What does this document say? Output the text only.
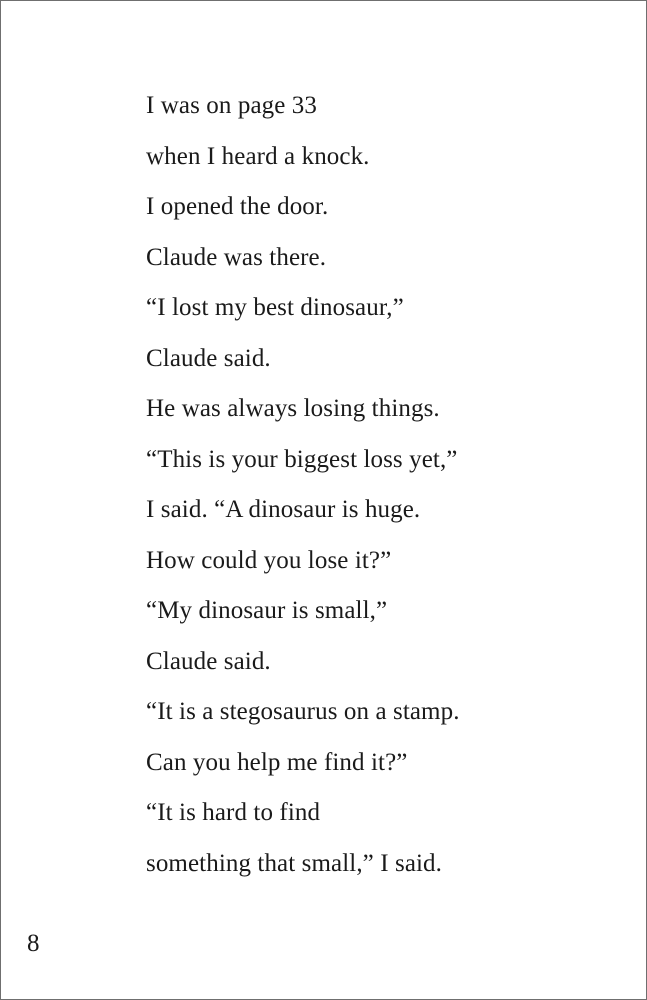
I was on page 33
when I heard a knock.
I opened the door.
Claude was there.
“I lost my best dinosaur,”
Claude said.
He was always losing things.
“This is your biggest loss yet,”
I said. “A dinosaur is huge.
How could you lose it?”
“My dinosaur is small,”
Claude said.
“It is a stegosaurus on a stamp.
Can you help me find it?”
“It is hard to find
something that small,” I said.
8
